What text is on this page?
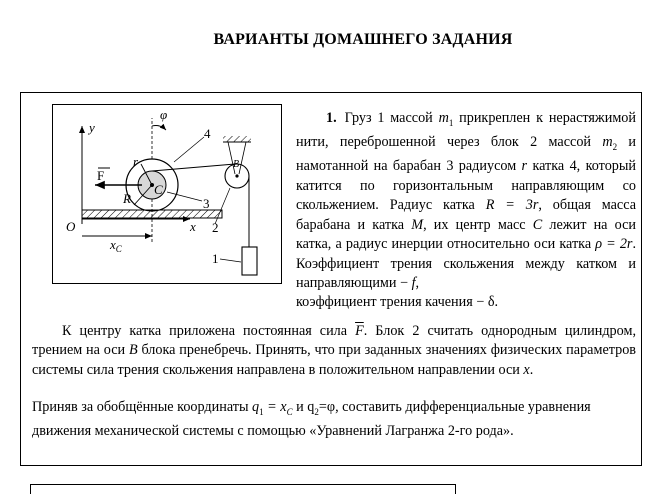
ВАРИАНТЫ ДОМАШНЕГО ЗАДАНИЯ
y
φ
4
F
r
C
R
B
3
2
1
O	x
$x_C$

1. Груз 1 массой $m_1$ прикреплен к нерастяжимой нити, переброшенной через блок 2 массой $m_2$ и намотанной на барабан 3 радиусом r катка 4, который катится по горизонтальным направляющим со скольжением. Радиус катка R = 3r, общая масса барабана и катка M, их центр масс C лежит на оси катка, а радиус инерции относительно оси катка ρ = 2r. Коэффициент трения скольжения между катком и направляющими − f,

коэффициент трения качения − δ.

К центру катка приложена постоянная сила $\overline{F}$. Блок 2 считать однородным цилиндром, трением на оси B блока пренебречь. Принять, что при заданных значениях физических параметров системы сила трения скольжения направлена в положительном направлении оси x.
Приняв за обобщённые координаты $q_1 = x_C$ и $q_2=\varphi$, составить дифференциальные уравнения движения механической системы с помощью «Уравнений Лагранжа 2-го рода».
